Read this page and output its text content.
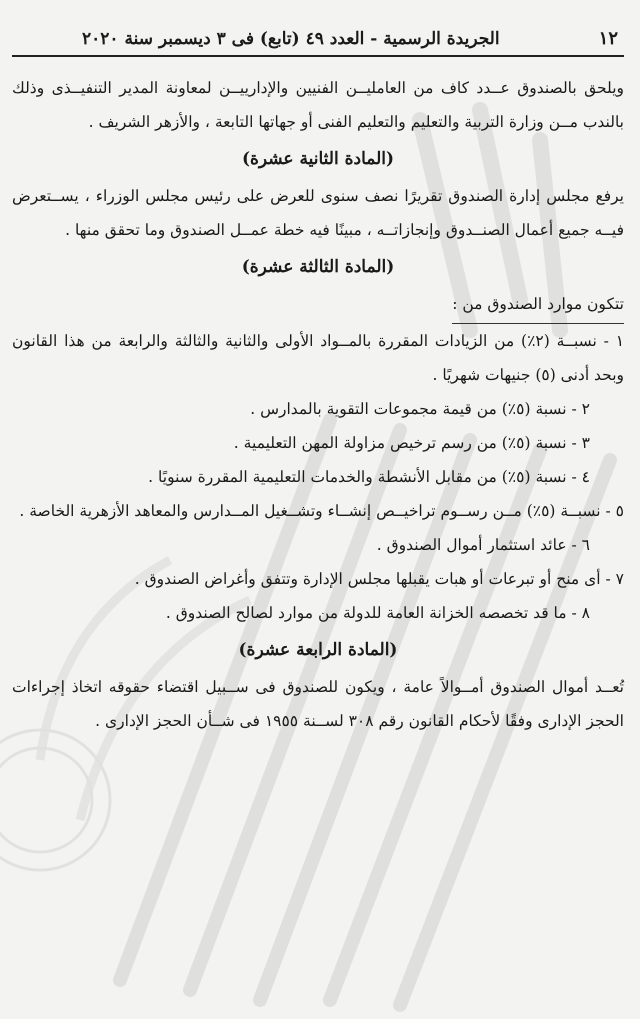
١٢
الجريدة الرسمية - العدد ٤٩ (تابع) فى ٣ ديسمبر سنة ٢٠٢٠

ويلحق بالصندوق عــدد كاف من العامليــن الفنيين والإدارييــن لمعاونة المدير التنفيــذى وذلك بالندب مــن وزارة التربية والتعليم والتعليم الفنى أو جهاتها التابعة ، والأزهر الشريف .

(المادة الثانية عشرة)

يرفع مجلس إدارة الصندوق تقريرًا نصف سنوى للعرض على رئيس مجلس الوزراء ، يســتعرض فيــه جميع أعمال الصنــدوق وإنجازاتــه ، مبينًا فيه خطة عمــل الصندوق وما تحقق منها .

(المادة الثالثة عشرة)

تتكون موارد الصندوق من :

١ - نسبــة (٢٪) من الزيادات المقررة بالمــواد الأولى والثانية والثالثة والرابعة من هذا القانون وبحد أدنى (٥) جنيهات شهريًا .

٢ - نسبة (٥٪) من قيمة مجموعات التقوية بالمدارس .

٣ - نسبة (٥٪) من رسم ترخيص مزاولة المهن التعليمية .

٤ - نسبة (٥٪) من مقابل الأنشطة والخدمات التعليمية المقررة سنويًا .

٥ - نسبــة (٥٪) مــن رســوم تراخيــص إنشــاء وتشــغيل المــدارس والمعاهد الأزهرية الخاصة .

٦ - عائد استثمار أموال الصندوق .

٧ - أى منح أو تبرعات أو هبات يقبلها مجلس الإدارة وتتفق وأغراض الصندوق .

٨ - ما قد تخصصه الخزانة العامة للدولة من موارد لصالح الصندوق .

(المادة الرابعة عشرة)

تُعــد أموال الصندوق أمــوالاً عامة ، ويكون للصندوق فى ســبيل اقتضاء حقوقه اتخاذ إجراءات الحجز الإدارى وفقًا لأحكام القانون رقم ٣٠٨ لســنة ١٩٥٥ فى شــأن الحجز الإدارى .
